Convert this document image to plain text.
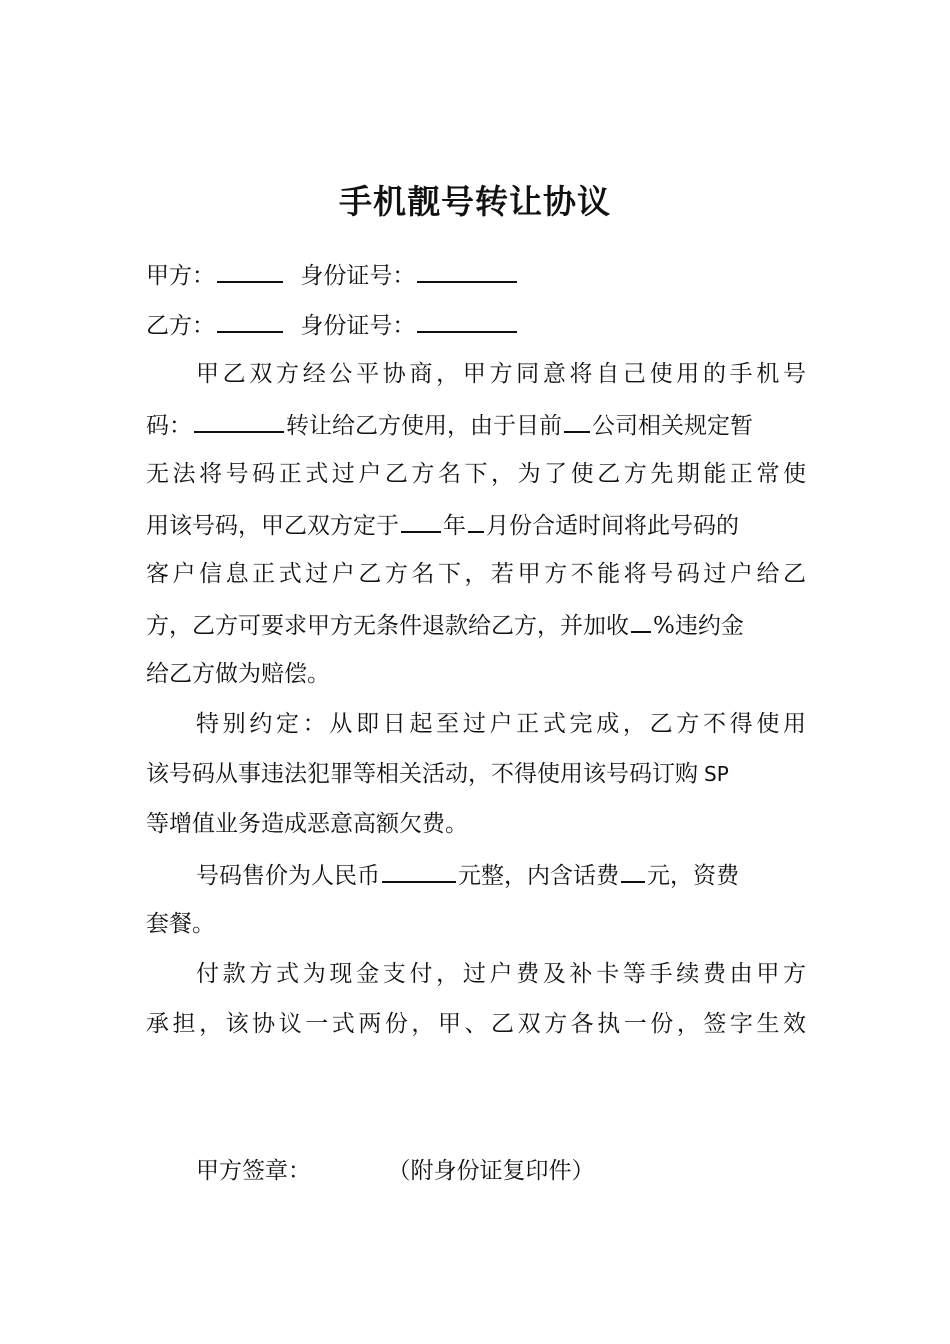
手机靓号转让协议
甲方：	身份证号：
乙方：	身份证号：
甲乙双方经公平协商，甲方同意将自己使用的手机号
码：	转让给乙方使用，由于目前 公司相关规定暂
无法将号码正式过户乙方名下，为了使乙方先期能正常使
用该号码，甲乙双方定于 年 月份合适时间将此号码的
客户信息正式过户乙方名下，若甲方不能将号码过户给乙
方，乙方可要求甲方无条件退款给乙方，并加收 %违约金
给乙方做为赔偿。
特别约定：从即日起至过户正式完成，乙方不得使用
该号码从事违法犯罪等相关活动，不得使用该号码订购 SP
等增值业务造成恶意高额欠费。
号码售价为人民币	元整，内含话费 元，资费
套餐。
付款方式为现金支付，过户费及补卡等手续费由甲方
承担，该协议一式两份，甲、乙双方各执一份，签字生效
甲方签章：	（附身份证复印件）
